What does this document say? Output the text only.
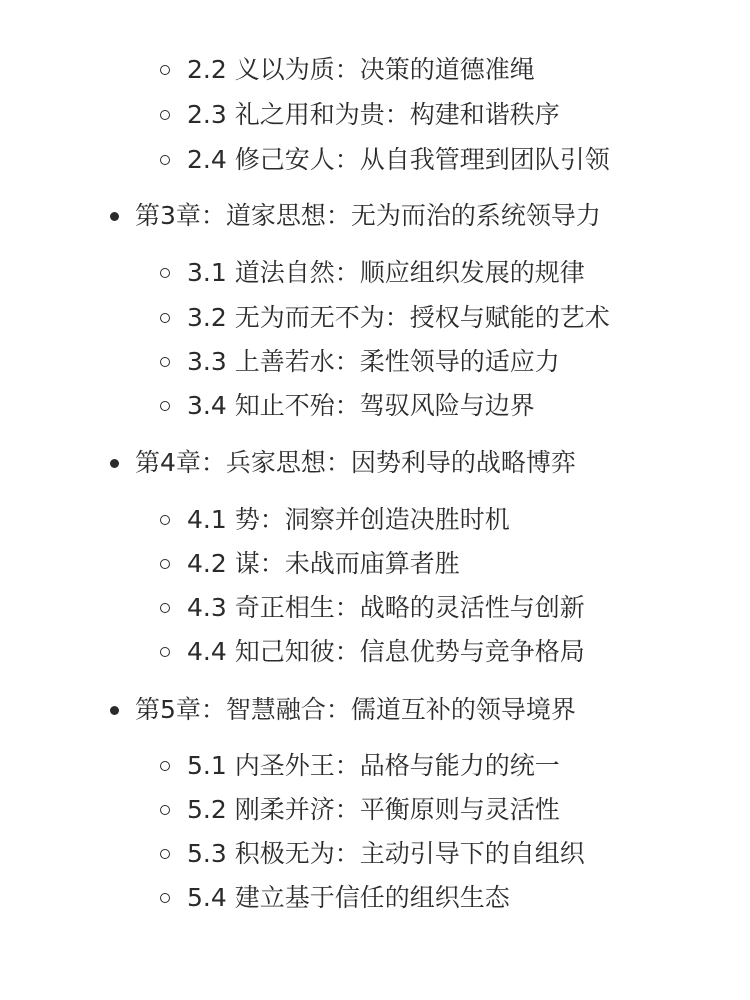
2.2 义以为质：决策的道德准绳
2.3 礼之用和为贵：构建和谐秩序
2.4 修己安人：从自我管理到团队引领
第3章：道家思想：无为而治的系统领导力
3.1 道法自然：顺应组织发展的规律
3.2 无为而无不为：授权与赋能的艺术
3.3 上善若水：柔性领导的适应力
3.4 知止不殆：驾驭风险与边界
第4章：兵家思想：因势利导的战略博弈
4.1 势：洞察并创造决胜时机
4.2 谋：未战而庙算者胜
4.3 奇正相生：战略的灵活性与创新
4.4 知己知彼：信息优势与竞争格局
第5章：智慧融合：儒道互补的领导境界
5.1 内圣外王：品格与能力的统一
5.2 刚柔并济：平衡原则与灵活性
5.3 积极无为：主动引导下的自组织
5.4 建立基于信任的组织生态
